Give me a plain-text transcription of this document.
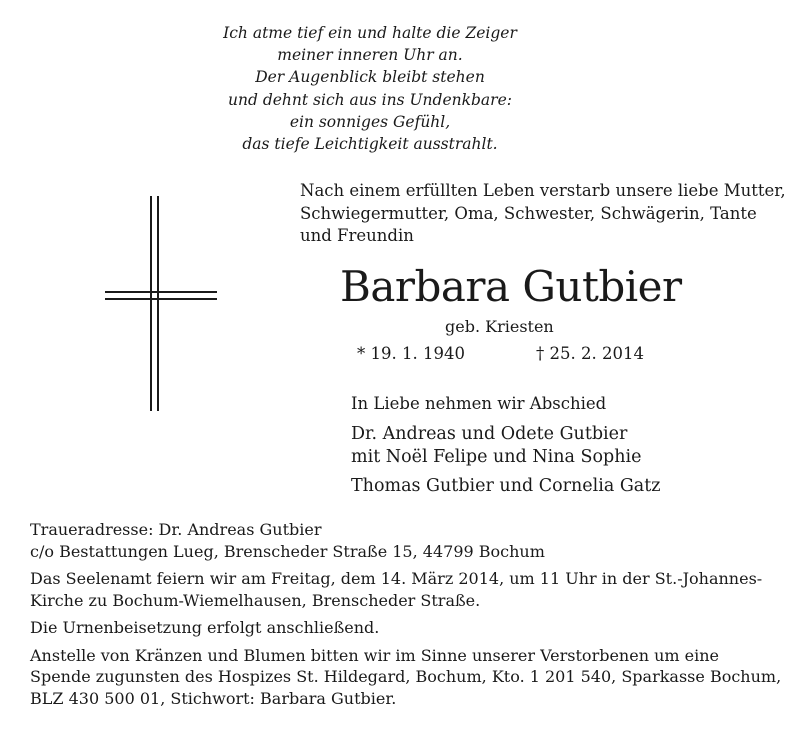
Ich atme tief ein und halte die Zeiger
meiner inneren Uhr an.
Der Augenblick bleibt stehen
und dehnt sich aus ins Undenkbare:
ein sonniges Gefühl,
das tiefe Leichtigkeit ausstrahlt.
Nach einem erfüllten Leben verstarb unsere liebe Mutter,
Schwiegermutter, Oma, Schwester, Schwägerin, Tante
und Freundin
Barbara Gutbier
geb. Kriesten
* 19. 1. 1940	† 25. 2. 2014
In Liebe nehmen wir Abschied
Dr. Andreas und Odete Gutbier
mit Noël Felipe und Nina Sophie
Thomas Gutbier und Cornelia Gatz
Traueradresse: Dr. Andreas Gutbier
c/o Bestattungen Lueg, Brenscheder Straße 15, 44799 Bochum
Das Seelenamt feiern wir am Freitag, dem 14. März 2014, um 11 Uhr in der St.-Johannes-
Kirche zu Bochum-Wiemelhausen, Brenscheder Straße.
Die Urnenbeisetzung erfolgt anschließend.
Anstelle von Kränzen und Blumen bitten wir im Sinne unserer Verstorbenen um eine
Spende zugunsten des Hospizes St. Hildegard, Bochum, Kto. 1 201 540, Sparkasse Bochum,
BLZ 430 500 01, Stichwort: Barbara Gutbier.
